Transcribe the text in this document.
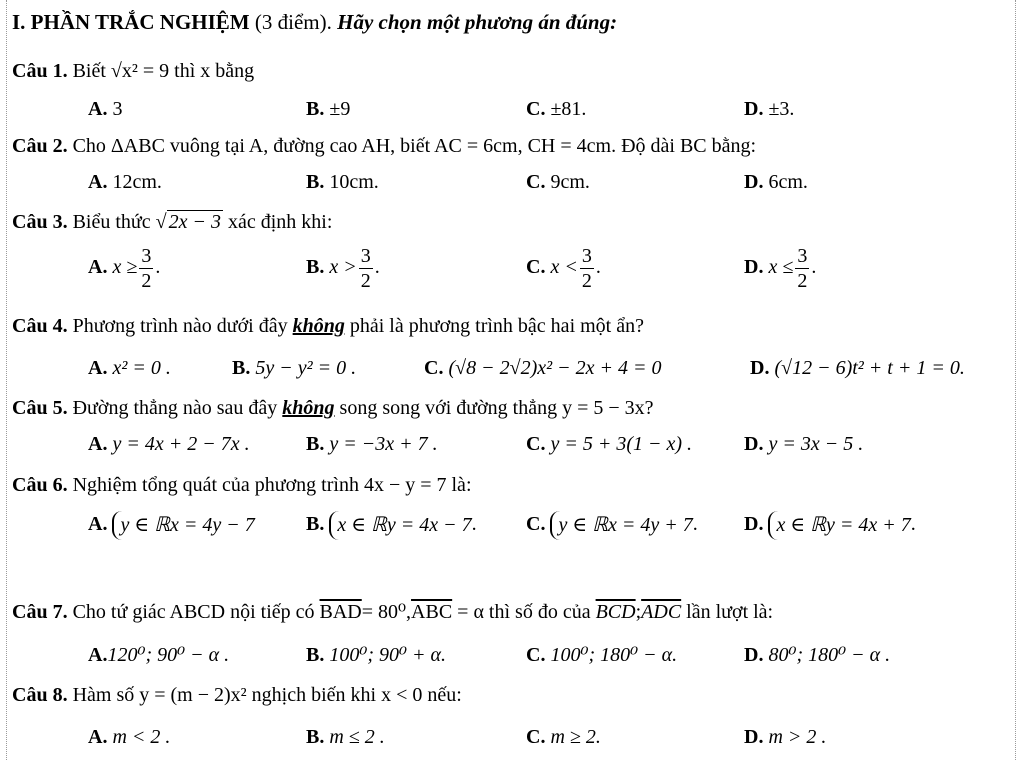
I. PHẦN TRẮC NGHIỆM (3 điểm). Hãy chọn một phương án đúng:
Câu 1. Biết √x² = 9 thì x bằng
A. 3	B. ±9	C. ±81.	D. ±3.
Câu 2. Cho ΔABC vuông tại A, đường cao AH, biết AC = 6cm, CH = 4cm. Độ dài BC bằng:
A. 12cm.	B. 10cm.	C. 9cm.	D. 6cm.
Câu 3. Biểu thức √ 2x − 3 xác định khi:
A. $x \ge \frac{3}{2}$ .	B. $x > \frac{3}{2}$ .	C. $x < \frac{3}{2}$ .	D. $x \le \frac{3}{2}$ .
Câu 4. Phương trình nào dưới đây không phải là phương trình bậc hai một ẩn?
A. x² = 0 .	B. 5y − y² = 0 .	C. (√8 − 2√2)x² − 2x + 4 = 0	D. (√12 − 6)t² + t + 1 = 0.
Câu 5. Đường thẳng nào sau đây không song song với đường thẳng y = 5 − 3x?
A. y = 4x + 2 − 7x .	B. y = −3x + 7 .	C. y = 5 + 3(1 − x) .	D. y = 3x − 5 .
Câu 6. Nghiệm tổng quát của phương trình 4x − y = 7 là:
A. y ∈ ℝx = 4y − 7	B. x ∈ ℝy = 4x − 7. C. y ∈ ℝx = 4y + 7. D. x ∈ ℝy = 4x + 7.
Câu 7. Cho tứ giác ABCD nội tiếp có $\overline{BAD}= 80^0,\overline{ABC} = \alpha$ thì số đo của $\overline{BCD};\overline{ADC}$ lần lượt là:
A.120⁰; 90⁰ − α .	B. 100⁰; 90⁰ + α.	C. 100⁰; 180⁰ − α.	D. 80⁰; 180⁰ − α .
Câu 8. Hàm số y = (m − 2)x² nghịch biến khi x < 0 nếu:
A. m < 2 .	B. m ≤ 2 .	C. m ≥ 2.	D. m > 2 .
